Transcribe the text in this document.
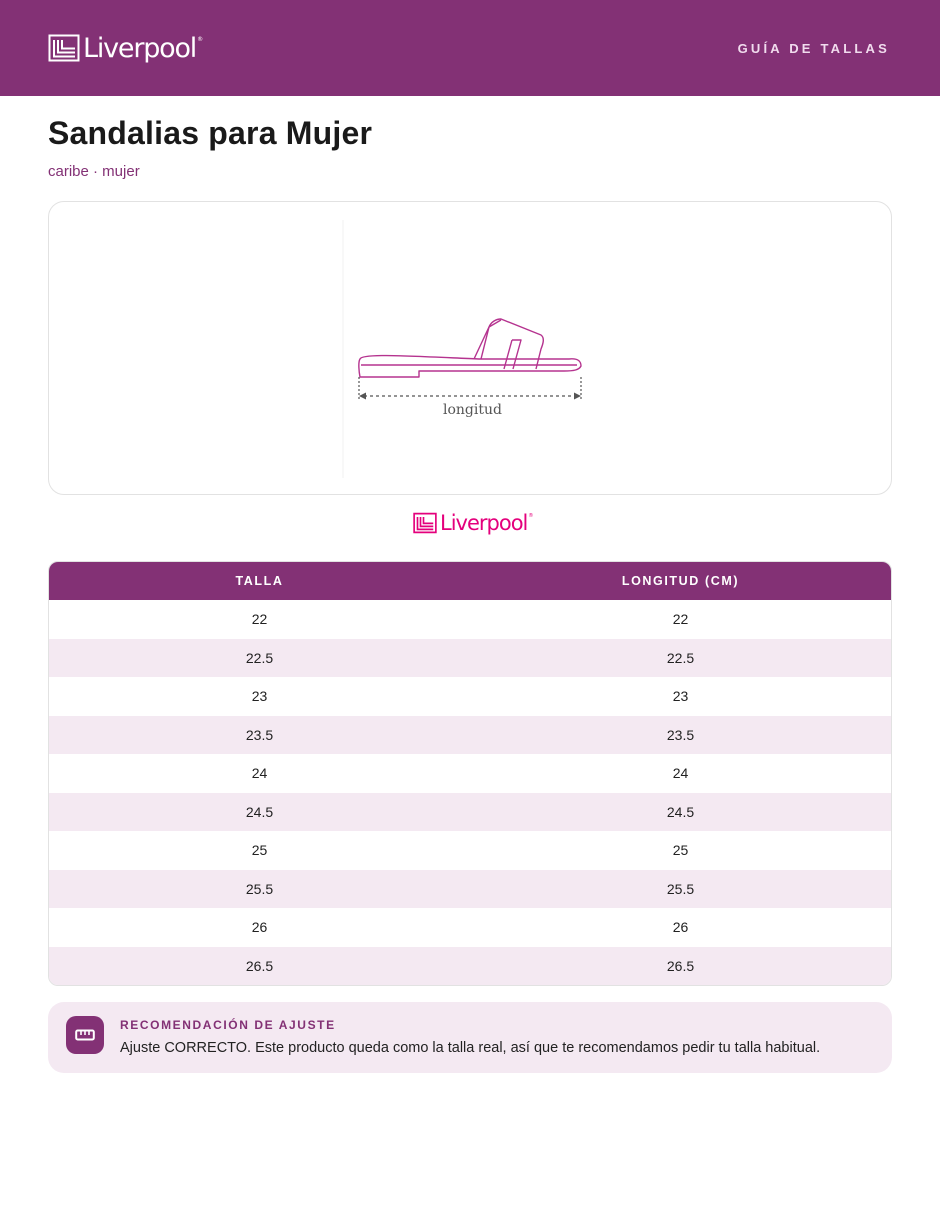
Liverpool ®
GUÍA DE TALLAS
Sandalias para Mujer
caribe · mujer
longitud
Liverpool ®
TALLA	LONGITUD (CM)
22	22
22.5	22.5
23	23
23.5	23.5
24	24
24.5	24.5
25	25
25.5	25.5
26	26
26.5	26.5
RECOMENDACIÓN DE AJUSTE
Ajuste CORRECTO. Este producto queda como la talla real, así que te recomendamos pedir tu talla habitual.
